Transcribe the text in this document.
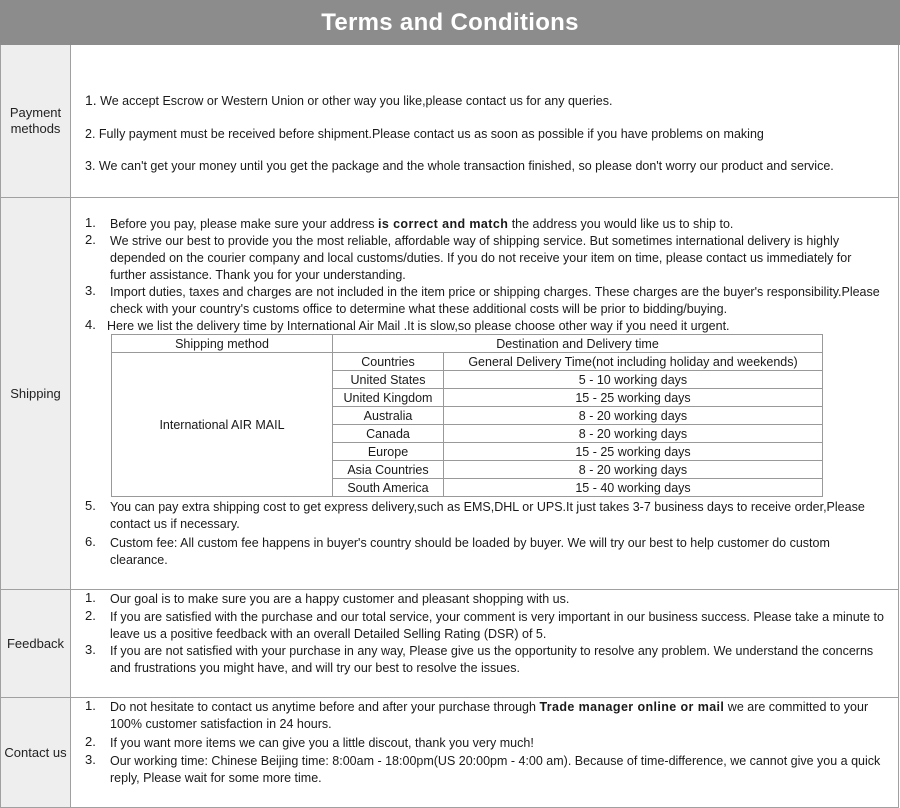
Terms and Conditions
Payment
methods
1. We accept Escrow or Western Union or other way you like,please contact us for any queries.
2. Fully payment must be received before shipment.Please contact us as soon as possible if you have problems on making
3. We can't get your money until you get the package and the whole transaction finished, so please don't worry our product and service.
Shipping
1.	Before you pay, please make sure your address is correct and match the address you would like us to ship to.
2.	We strive our best to provide you the most reliable, affordable way of shipping service. But sometimes international delivery is highly depended on the courier company and local customs/duties. If you do not receive your item on time, please contact us immediately for further assistance. Thank you for your understanding.
3.	Import duties, taxes and charges are not included in the item price or shipping charges. These charges are the buyer's responsibility.Please check with your country's customs office to determine what these additional costs will be prior to bidding/buying.
4. Here we list the delivery time by International Air Mail .It is slow,so please choose other way if you need it urgent.
Shipping method	Destination and Delivery time	
International AIR MAIL	Countries	General Delivery Time(not including holiday and weekends)
	United States	5 - 10 working days
	United Kingdom	15 - 25 working days
	Australia	8 - 20 working days
	Canada	8 - 20 working days
	Europe	15 - 25 working days
	Asia Countries	8 - 20 working days
	South America	15 - 40 working days
5.	You can pay extra shipping cost to get express delivery,such as EMS,DHL or UPS.It just takes 3-7 business days to receive order,Please contact us if necessary.
6.	Custom fee: All custom fee happens in buyer's country should be loaded by buyer. We will try our best to help customer do custom clearance.
Feedback
1.	Our goal is to make sure you are a happy customer and pleasant shopping with us.
2.	If you are satisfied with the purchase and our total service, your comment is very important in our business success. Please take a minute to leave us a positive feedback with an overall Detailed Selling Rating (DSR) of 5.
3.	If you are not satisfied with your purchase in any way, Please give us the opportunity to resolve any problem. We understand the concerns and frustrations you might have, and will try our best to resolve the issues.
Contact us
1.	Do not hesitate to contact us anytime before and after your purchase through Trade manager online or mail we are committed to your 100% customer satisfaction in 24 hours.
2.	If you want more items we can give you a little discout, thank you very much!
3.	Our working time: Chinese Beijing time: 8:00am - 18:00pm(US 20:00pm - 4:00 am). Because of time-difference, we cannot give you a quick reply, Please wait for some more time.
